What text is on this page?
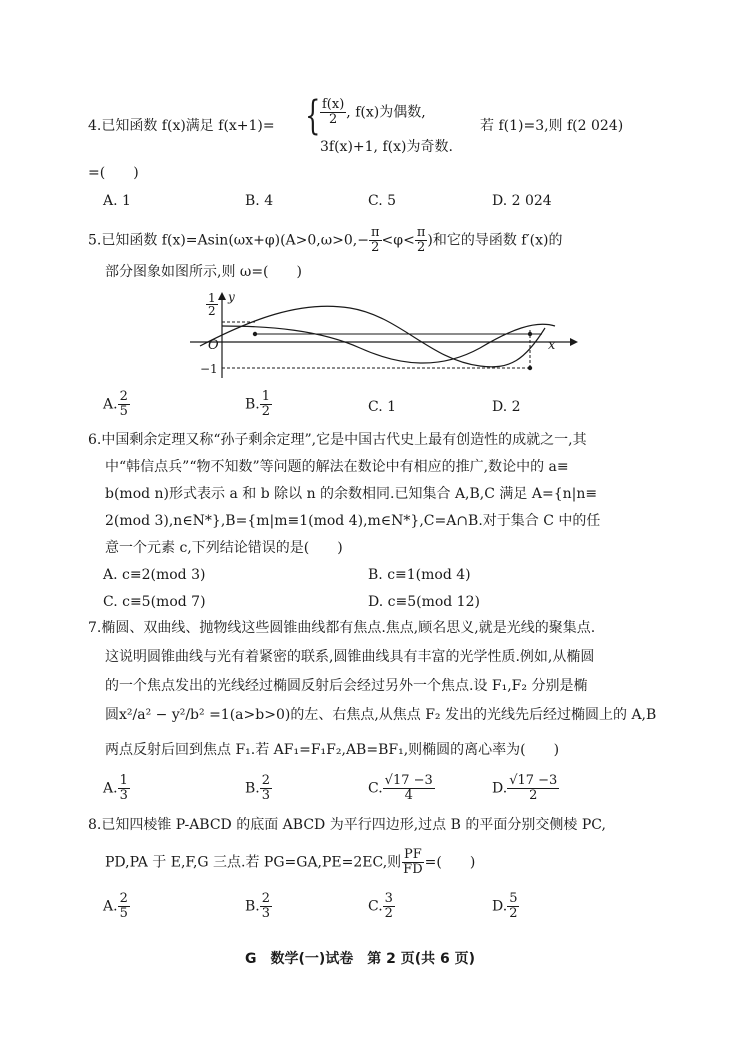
4.已知函数 f(x)满足 f(x+1)= { $\frac{f(x)}{2}$ , f(x)为偶数,
3f(x)+1, f(x)为奇数.
若 f(1)=3,则 f(2 024)
=(　　)
A. 1	B. 4	C. 5	D. 2 024
5.已知函数 $f(x)=Asin(\omega x+\varphi)(A>0,\omega>0,- \frac{\pi}{2} <\varphi< \frac{\pi}{2}$ )和它的导函数 f′(x)的
部分图象如图所示,则 ω=(　　)
$\frac{1}{2}$ y
O	x
−1
A. $\frac{2}{5}$	B. $\frac{1}{2}$	C. 1	D. 2
6.中国剩余定理又称“孙子剩余定理”,它是中国古代史上最有创造性的成就之一,其
中“韩信点兵”“物不知数”等问题的解法在数论中有相应的推广,数论中的 a≡
b(mod n)形式表示 a 和 b 除以 n 的余数相同.已知集合 A,B,C 满足 A={n|n≡
2(mod 3),n∈N*},B={m|m≡1(mod 4),m∈N*},C=A∩B.对于集合 C 中的任
意一个元素 c,下列结论错误的是(　　)
A. c≡2(mod 3)	B. c≡1(mod 4)
C. c≡5(mod 7)	D. c≡5(mod 12)
7.椭圆、双曲线、抛物线这些圆锥曲线都有焦点.焦点,顾名思义,就是光线的聚集点.
这说明圆锥曲线与光有着紧密的联系,圆锥曲线具有丰富的光学性质.例如,从椭圆
的一个焦点发出的光线经过椭圆反射后会经过另外一个焦点.设 F₁,F₂ 分别是椭
圆x²/a² − y²/b² =1(a>b>0)的左、右焦点,从焦点 F₂ 发出的光线先后经过椭圆上的 A,B
两点反射后回到焦点 F₁.若 AF₁=F₁F₂,AB=BF₁,则椭圆的离心率为(　　)
A. $\frac{1}{3}$	B. $\frac{2}{3}$	C. $\frac{√17 -3}{4}$	D. $\frac{√17 -3}{2}$
8.已知四棱锥 P-ABCD 的底面 ABCD 为平行四边形,过点 B 的平面分别交侧棱 PC,
PD,PA 于 E,F,G 三点.若 PG=GA,PE=2EC,则 $\frac{PF}{FD}$ =(　　)
A. $\frac{2}{5}$	B. $\frac{2}{3}$	C. $\frac{3}{2}$	D. $\frac{5}{2}$
G　数学(一)试卷　第 2 页(共 6 页)
